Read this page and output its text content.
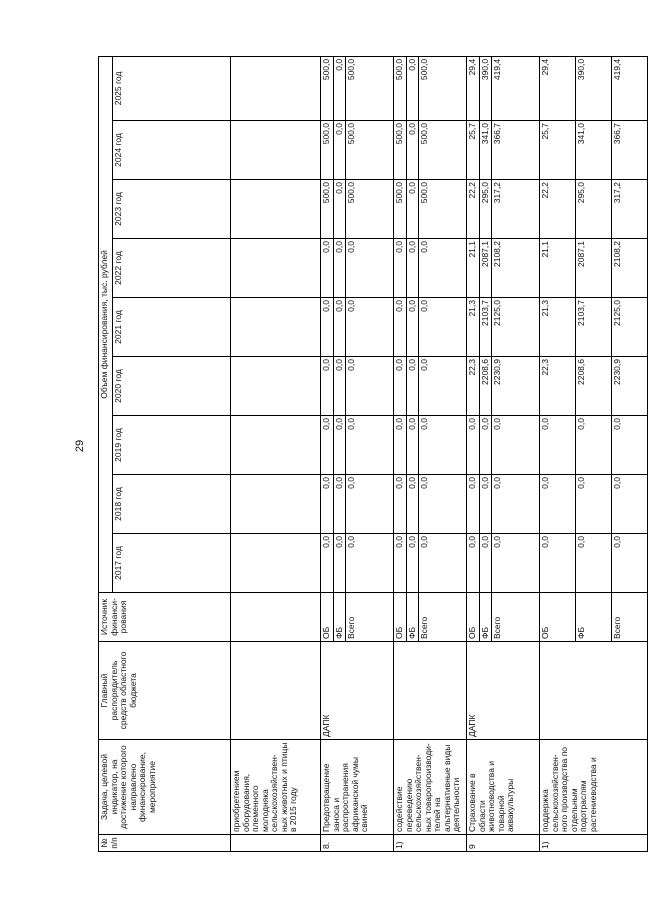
29
№ п/п	Задача, целевой индикатор, на достижение которого направлено финансирование, мероприятие	Главный распорядитель средств областного бюджета	Источник финанси-рования	Объем финансирования, тыс. рублей								
				2017 год	2018 год	2019 год	2020 год	2021 год	2022 год	2023 год	2024 год	2025 год
	приобретением оборудования, племенного молодняка сельскохозяйствен-ных животных и птицы в 2015 году											
8.	Предотвращение заноса и распространения африканской чумы свиней	ДАПК	ОБ	0,0	0,0	0,0	0,0	0,0	0,0	500,0	500,0	500,0
			ФБ	0,0	0,0	0,0	0,0	0,0	0,0	0,0	0,0	0,0
			Всего	0,0	0,0	0,0	0,0	0,0	0,0	500,0	500,0	500,0
1)	содействие переведению сельскохозяйствен-ных товаропроизводи-телей на альтернативные виды деятельности		ОБ	0,0	0,0	0,0	0,0	0,0	0,0	500,0	500,0	500,0
			ФБ	0,0	0,0	0,0	0,0	0,0	0,0	0,0	0,0	0,0
			Всего	0,0	0,0	0,0	0,0	0,0	0,0	500,0	500,0	500,0
9	Страхование в области животноводства и товарной аквакультуры	ДАПК	ОБ	0,0	0,0	0,0	22,3	21,3	21,1	22,2	25,7	29,4
			ФБ	0,0	0,0	0,0	2208,6	2103,7	2087,1	295,0	341,0	390,0
			Всего	0,0	0,0	0,0	2230,9	2125,0	2108,2	317,2	366,7	419,4
1)	поддержка сельскохозяйствен-ного производства по отдельным подотраслям растениеводства и		ОБ	0,0	0,0	0,0	22,3	21,3	21,1	22,2	25,7	29,4
			ФБ	0,0	0,0	0,0	2208,6	2103,7	2087,1	295,0	341,0	390,0
			Всего	0,0	0,0	0,0	2230,9	2125,0	2108,2	317,2	366,7	419,4
